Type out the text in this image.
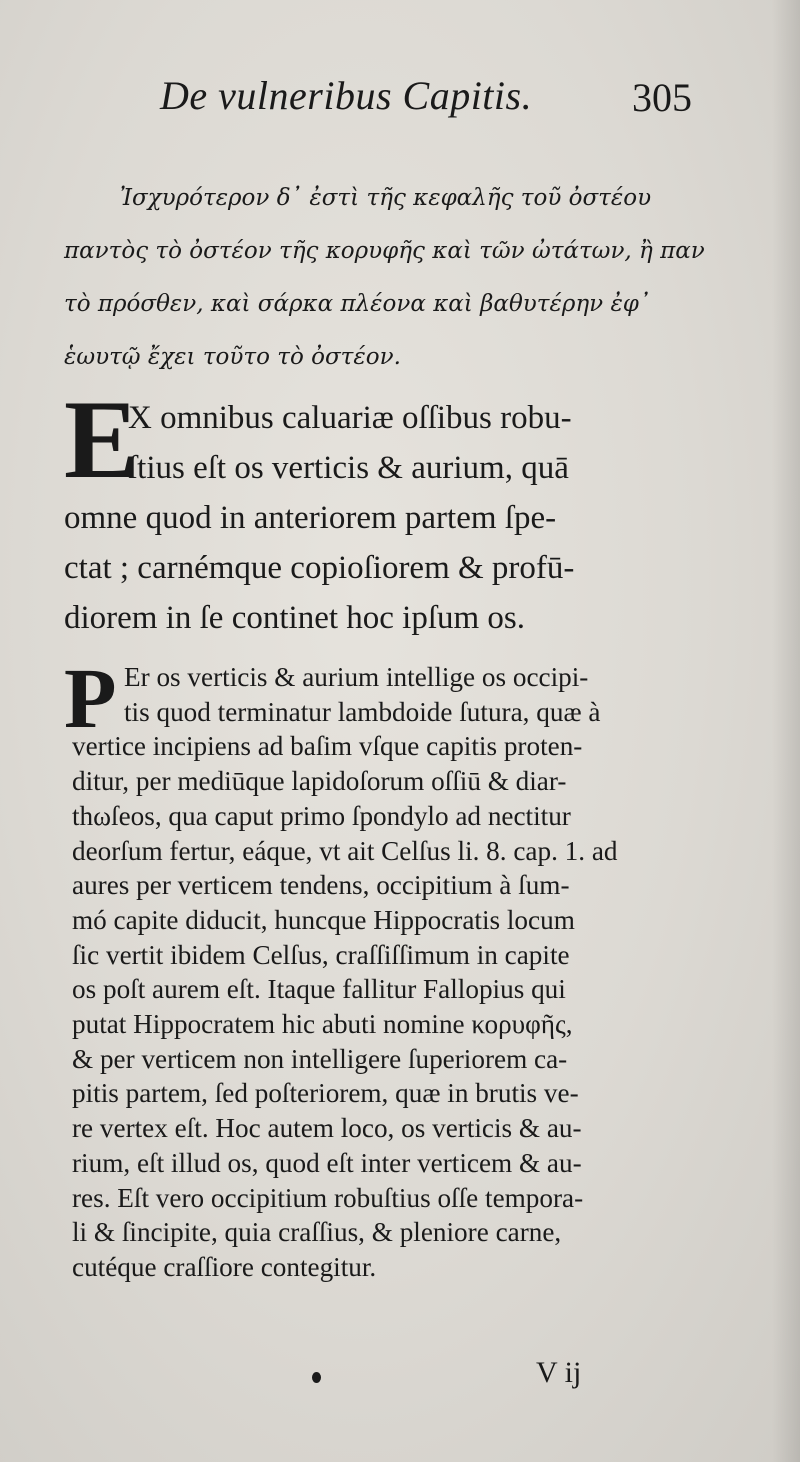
De vulneribus Capitis. 305
Ἰσχυρότερον δ᾽ ἐστὶ τῆς κεφαλῆς τοῦ ὀστέου
παντὸς τὸ ὀστέον τῆς κορυφῆς καὶ τῶν ὠτάτων, ἢ παν
τὸ πρόσθεν, καὶ σάρκα πλέονα καὶ βαθυτέρην ἐφ᾽
ἑωυτῷ ἔχει τοῦτο τὸ ὀστέον.
E
X omnibus caluariæ oſſibus robu-
ſtius eſt os verticis & aurium, quā
omne quod in anteriorem partem ſpe-
ctat ; carnémque copioſiorem & profū-
diorem in ſe continet hoc ipſum os.
P Er os verticis & aurium intellige os occipi-
tis quod terminatur lambdoide ſutura, quæ à
vertice incipiens ad baſim vſque capitis proten-
ditur, per mediūque lapidoſorum oſſiū & diar-
thωſeos, qua caput primo ſpondylo ad nectitur
deorſum fertur, eáque, vt ait Celſus li. 8. cap. 1. ad
aures per verticem tendens, occipitium à ſum-
mó capite diducit, huncque Hippocratis locum
ſic vertit ibidem Celſus, craſſiſſimum in capite
os poſt aurem eſt. Itaque fallitur Fallopius qui
putat Hippocratem hic abuti nomine κορυφῆς,
& per verticem non intelligere ſuperiorem ca-
pitis partem, ſed poſteriorem, quæ in brutis ve-
re vertex eſt. Hoc autem loco, os verticis & au-
rium, eſt illud os, quod eſt inter verticem & au-
res. Eſt vero occipitium robuſtius oſſe tempora-
li & ſincipite, quia craſſius, & pleniore carne,
cutéque craſſiore contegitur.
V ij
